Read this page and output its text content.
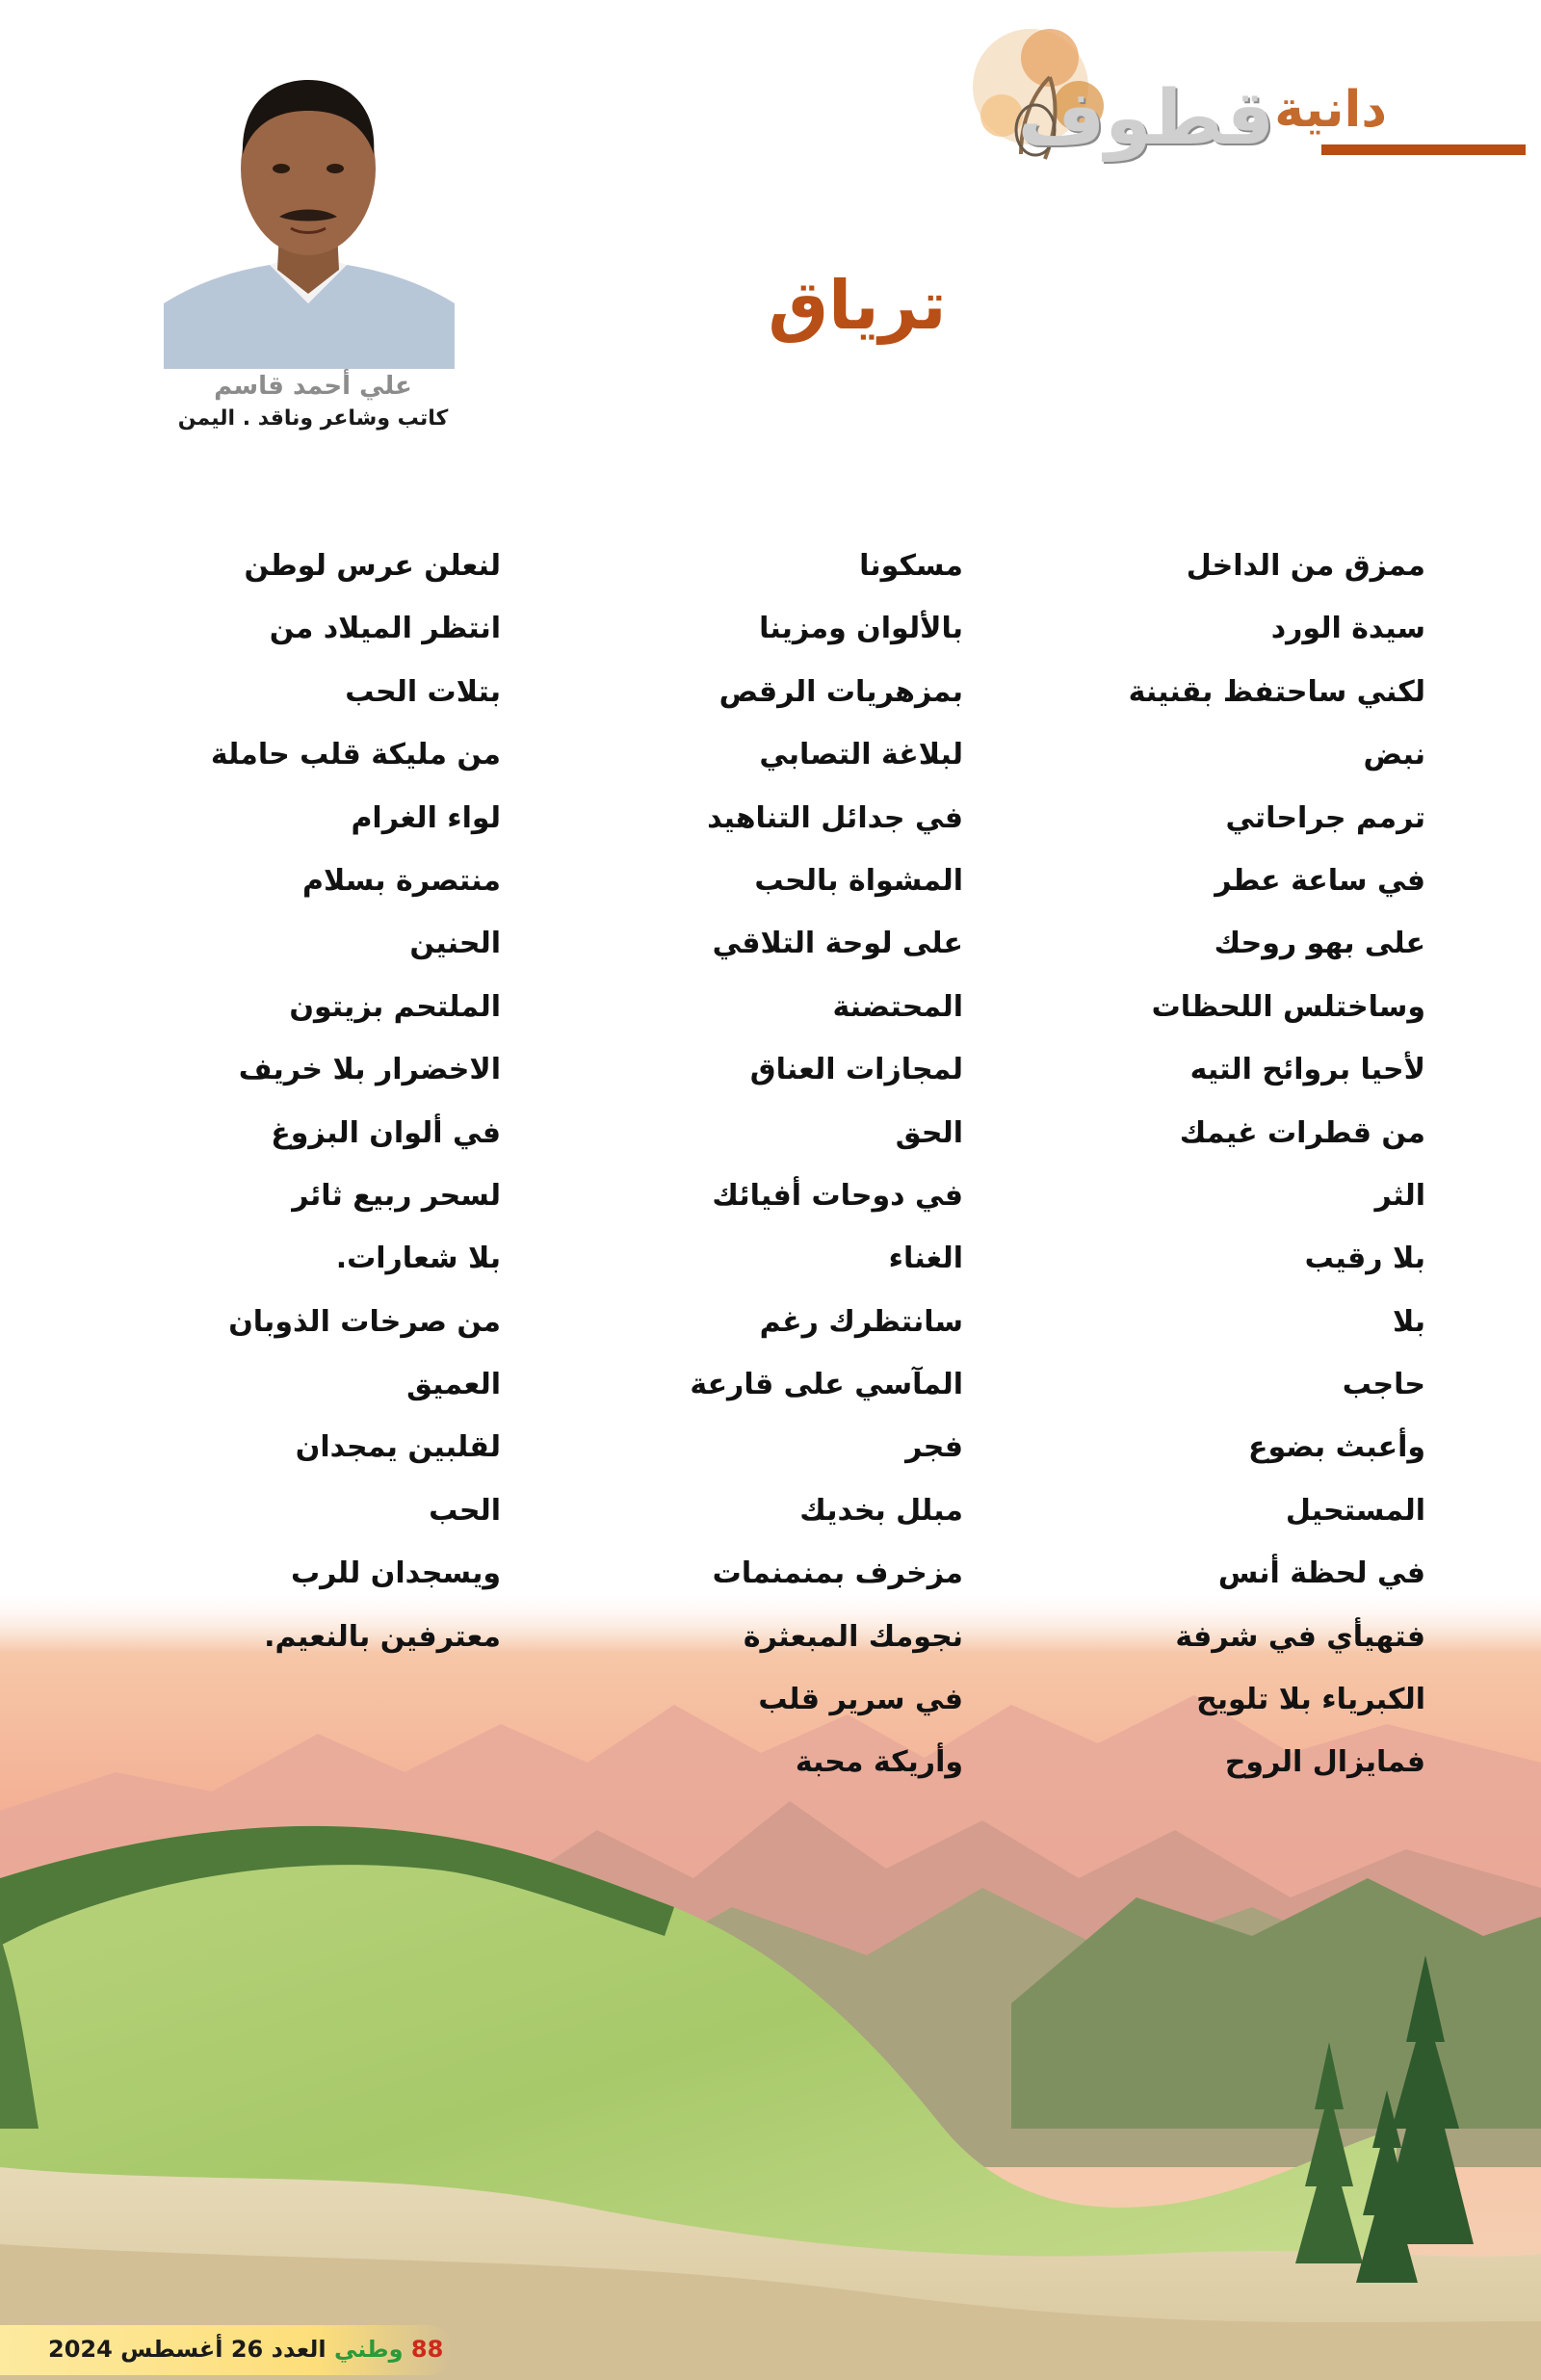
$^{دانية}$قطوف
ترياق
علي أحمد قاسم
كاتب وشاعر وناقد . اليمن
ممزق من الداخل
سيدة الورد
لكني ساحتفظ بقنينة
نبض
ترمم جراحاتي
في ساعة عطر
على بهو روحك
وساختلس اللحظات
لأحيا بروائح التيه
من قطرات غيمك
الثر
بلا رقيب
بلا
حاجب
وأعبث بضوع
المستحيل
في لحظة أنس
فتهيأي في شرفة
الكبرياء بلا تلويح
فمايزال الروح
مسكونا
بالألوان ومزينا
بمزهريات الرقص
لبلاغة التصابي
في جدائل التناهيد
المشواة بالحب
على لوحة التلاقي
المحتضنة
لمجازات العناق
الحق
في دوحات أفيائك
الغناء
سانتظرك رغم
المآسي على قارعة
فجر
مبلل بخديك
مزخرف بمنمنمات
نجومك المبعثرة
في سرير قلب
وأريكة محبة
لنعلن عرس لوطن
انتظر الميلاد من
بتلات الحب
من مليكة قلب حاملة
لواء الغرام
منتصرة بسلام
الحنين
الملتحم بزيتون
الاخضرار بلا خريف
في ألوان البزوغ
لسحر ربيع ثائر
بلا شعارات.
من صرخات الذوبان
العميق
لقلبين يمجدان
الحب
ويسجدان للرب
معترفين بالنعيم.
88 وطني العدد 26 أغسطس 2024
